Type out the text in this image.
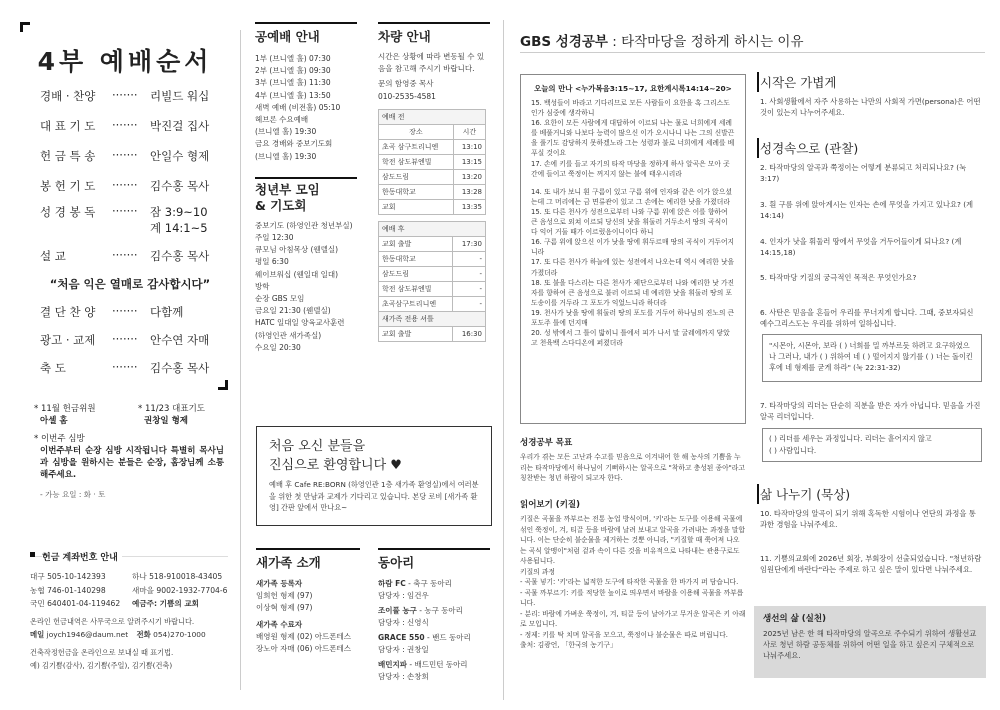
4부 예배순서
경배 · 찬양	·······	리빌드 워십
대 표 기 도	·······	박진걸 집사
헌 금 특 송	·······	안일수 형제
봉 헌 기 도	·······	김수홍 목사
성 경 봉 독	·······	잠 3:9~10
계 14:1~5
설 교	·······	김수홍 목사
“처음 익은 열매로 감사합시다”
결 단 찬 양	·······	다함께
광고 · 교제	·······	안수연 자매
축 도	·······	김수홍 목사
* 11월 헌금위원
아셀 홈
* 11/23 대표기도
권창일 형제
* 이번주 심방
이번주부터 순장 심방 시작됩니다 특별히 목사님과 심방을 원하시는 분들은 순장, 홈장님께 소통해주세요.
- 가능 요일 : 화 · 토
헌금 계좌번호 안내
대구 505-10-142393	하나 518-910018-43405
농협 746-01-140298	새마을 9002-1932-7704-6
국민 640401-04-119462	예금주: 기쁨의 교회
온라인 헌금내역은 사무국으로 알려주시기 바랍니다.
메일 joych1946@daum.net 전화 054)270-1000
건축작정헌금을 온라인으로 보내실 때 표기법.
예) 김기쁨(감사), 김기쁨(주일), 김기쁨(건축)
공예배 안내
1부 (브니엘 홀) 07:30
2부 (브니엘 홀) 09:30
3부 (브니엘 홀) 11:30
4부 (브니엘 홀) 13:50
새벽 예배 (비전홀) 05:10
헤브론 수요예배
(브니엘 홀) 19:30
금요 경배와 중보기도회
(브니엘 홀) 19:30
청년부 모임
& 기도회
중보기도 (하영인관 청년부실)
주일 12:30
큐모님 아침목상 (웬델실)
평일 6:30
웨이브워십 (웬일대 일대)
방학
순장 GBS 모임
금요일 21:30 (웬델실)
HATC 일대일 양육교사훈련
(하영인관 새가족실)
수요일 20:30
차량 안내
시간은 상황에 따라 변동될 수 있음을 참고해 주시기 바랍니다.
문의 함영중 목사
010-2535-4581
예배 전	
장소	시간
초곡 삼구트리니엔	13:10
학전 삼도뷰엔빌	13:15
삼도드림	13:20
한동대학교	13:28
교회	13:35
예배 후	
교회 출발	17:30
한동대학교	-
삼도드림	-
학전 삼도뷰엔빌	-
초곡삼구트리니엔	-
새가족 전용 셔틀	
교회 출발	16:30
처음 오신 분들을
진심으로 환영합니다 ♥
예배 후 Cafe RE:BORN (하영인관 1층 새가족 환영실)에서 여러분을 위한 첫 만남과 교제가 기다리고 있습니다. 본당 로비 [새가족 환영] 간판 앞에서 만나요~
새가족 소개
새가족 등록자
임희헌 형제 (97)
이상혁 형제 (97)
새가족 수료자
배영원 형제 (02) 아드폰테스
장노아 자매 (06) 아드폰테스
동아리
하람 FC - 축구 동아리
담당자 : 임건우
조이풀 농구 - 농구 동아리
담당자 : 신영식
GRACE 550 - 밴드 동아리
담당자 : 권창일
배민지파 - 배드민턴 동아리
담당자 : 손창희
GBS 성경공부 : 타작마당을 정하게 하시는 이유
오늘의 만나 <누가복음3:15~17, 요한계시록14:14~20>
15. 백성들이 바라고 기다리므로 모든 사람들이 요한을 혹 그리스도인가 심중에 생각하니
16. 요한이 모든 사람에게 대답하여 이르되 나는 물로 너희에게 세례를 베풀거니와 나보다 능력이 많으신 이가 오시나니 나는 그의 신발끈을 풀기도 감당하지 못하겠노라 그는 성령과 불로 너희에게 세례를 베푸실 것이요
17. 손에 키를 들고 자기의 타작 마당을 정하게 하사 알곡은 모아 곳간에 들이고 쭉정이는 꺼지지 않는 불에 태우시리라
14. 또 내가 보니 흰 구름이 있고 구름 위에 인자와 같은 이가 앉으셨는데 그 머리에는 금 면류관이 있고 그 손에는 예리한 낫을 가졌더라
15. 또 다른 천사가 성전으로부터 나와 구름 위에 앉은 이를 향하여 큰 음성으로 외쳐 이르되 당신의 낫을 휘둘러 거두소서 땅의 곡식이 다 익어 거둘 때가 이르렀음이니이다 하니
16. 구름 위에 앉으신 이가 낫을 땅에 휘두르매 땅의 곡식이 거두어지니라
17. 또 다른 천사가 하늘에 있는 성전에서 나오는데 역시 예리한 낫을 가졌더라
18. 또 불을 다스리는 다른 천사가 제단으로부터 나와 예리한 낫 가진 자를 향하여 큰 음성으로 불러 이르되 네 예리한 낫을 휘둘러 땅의 포도송이를 거두라 그 포도가 익었느니라 하더라
19. 천사가 낫을 땅에 휘둘러 땅의 포도를 거두어 하나님의 진노의 큰 포도주 틀에 던지매
20. 성 밖에서 그 틀이 밟히니 틀에서 피가 나서 말 굴레에까지 닿았고 천육백 스다디온에 퍼졌더라
성경공부 목표
우리가 겪는 모든 고난과 수고를 믿음으로 이겨내어 한 해 농사의 기쁨을 누리는 타작마당에서 하나님이 기뻐하시는 알곡으로 "착하고 충성된 종아"라고 칭찬받는 청년 하람이 되고자 한다.
읽어보기 (키질)
키질은 곡물을 까부르는 전통 농업 방식이며, '키'라는 도구를 이용해 곡물에 섞인 쭉정이, 겨, 티끌 등을 바람에 날려 보내고 알곡을 가려내는 과정을 말합니다. 이는 단순히 불순물을 제거하는 것뿐 아니라, "키질할 때 쭉어져 나오는 곡식 알맹이"처럼 겉과 속이 다른 것을 비유적으로 나타내는 관용구로도 사용됩니다.
키질의 과정
- 곡물 넣기: '키'라는 넓적한 도구에 타작한 곡물을 한 바가지 퍼 담습니다.
- 곡물 까부르기: 키를 적당한 높이로 띄우면서 바람을 이용해 곡물을 까부릅니다.
- 분리: 바람에 가벼운 쭉정이, 겨, 티끌 등이 날아가고 무거운 알곡은 키 아래로 모입니다.
- 정제: 키를 탁 치며 알곡을 모으고, 쭉정이나 불순물은 따로 버립니다.
출처: 김광언, 「한국의 농기구」
시작은 가볍게
1. 사회생활에서 자주 사용하는 나만의 사회적 가면(persona)은 어떤 것이 있는지 나누어주세요.
성경속으로 (관찰)
2. 타작마당의 알곡과 쭉정이는 어떻게 분류되고 처리되나요? (눅 3:17)
3. 흰 구름 위에 앉아계시는 인자는 손에 무엇을 가지고 있나요? (계14:14)
4. 인자가 낫을 휘둘러 땅에서 무엇을 거두어들이게 되나요? (계14:15,18)
5. 타작마당 키질의 궁극적인 목적은 무엇인가요?
6. 사탄은 믿음을 흔들어 우리를 무너지게 합니다. 그때, 중보자되신 예수그리스도는 우리를 위하여 일하십니다.
"시몬아, 시몬아, 보라 ( ) 너희를 밀 까부르듯 하려고 요구하였으나 그러나, 내가 ( ) 위하여 네 ( ) 떨어지지 않기를 ( ) 너는 돌이킨 후에 네 형제를 굳게 하라" (눅 22:31-32)
7. 타작마당의 리더는 단순히 직분을 받은 자가 아닙니다. 믿음을 가진 알곡 리더입니다.
( ) 리더를 세우는 과정입니다. 리더는 흩어지지 않고
( ) 사람입니다.
삶 나누기 (묵상)
10. 타작마당의 알곡이 되기 위해 혹독한 시험이나 연단의 과정을 통과한 경험을 나눠주세요.
11. 기쁨의교회에 2026년 회장, 부회장이 선출되었습니다. "청년하람 임원단에게 바란다"라는 주제로 하고 싶은 말이 있다면 나눠주세요.
생선의 삶 (실천)
2025년 남은 한 해 타작마당의 알곡으로 주수되기 위하여 생활선교사로 청년 하람 공동체를 위하여 어떤 일을 하고 싶은지 구체적으로 나눠주세요.
